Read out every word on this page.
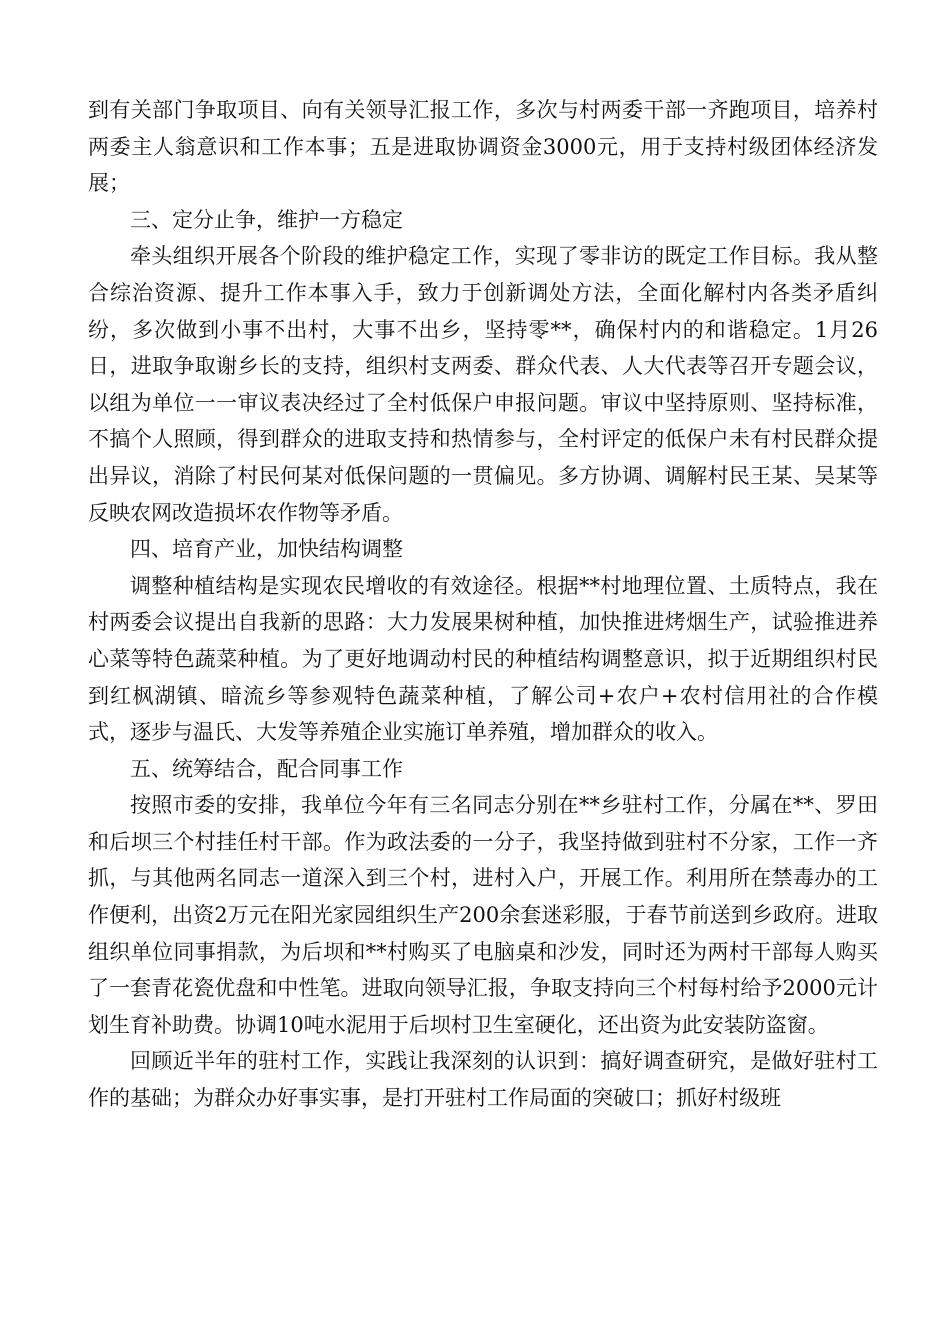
到有关部门争取项目、向有关领导汇报工作，多次与村两委干部一齐跑项目，培养村两委主人翁意识和工作本事；五是进取协调资金3000元，用于支持村级团体经济发展；

三、定分止争，维护一方稳定

牵头组织开展各个阶段的维护稳定工作，实现了零非访的既定工作目标。我从整合综治资源、提升工作本事入手，致力于创新调处方法，全面化解村内各类矛盾纠纷，多次做到小事不出村，大事不出乡，坚持零**，确保村内的和谐稳定。1月26日，进取争取谢乡长的支持，组织村支两委、群众代表、人大代表等召开专题会议，以组为单位一一审议表决经过了全村低保户申报问题。审议中坚持原则、坚持标准，不搞个人照顾，得到群众的进取支持和热情参与，全村评定的低保户未有村民群众提出异议，消除了村民何某对低保问题的一贯偏见。多方协调、调解村民王某、吴某等反映农网改造损坏农作物等矛盾。

四、培育产业，加快结构调整

调整种植结构是实现农民增收的有效途径。根据**村地理位置、土质特点，我在村两委会议提出自我新的思路：大力发展果树种植，加快推进烤烟生产，试验推进养心菜等特色蔬菜种植。为了更好地调动村民的种植结构调整意识，拟于近期组织村民到红枫湖镇、暗流乡等参观特色蔬菜种植，了解公司+农户+农村信用社的合作模式，逐步与温氏、大发等养殖企业实施订单养殖，增加群众的收入。

五、统筹结合，配合同事工作

按照市委的安排，我单位今年有三名同志分别在**乡驻村工作，分属在**、罗田和后坝三个村挂任村干部。作为政法委的一分子，我坚持做到驻村不分家，工作一齐抓，与其他两名同志一道深入到三个村，进村入户，开展工作。利用所在禁毒办的工作便利，出资2万元在阳光家园组织生产200余套迷彩服，于春节前送到乡政府。进取组织单位同事捐款，为后坝和**村购买了电脑桌和沙发，同时还为两村干部每人购买了一套青花瓷优盘和中性笔。进取向领导汇报，争取支持向三个村每村给予2000元计划生育补助费。协调10吨水泥用于后坝村卫生室硬化，还出资为此安装防盗窗。

回顾近半年的驻村工作，实践让我深刻的认识到：搞好调查研究，是做好驻村工作的基础；为群众办好事实事，是打开驻村工作局面的突破口；抓好村级班
